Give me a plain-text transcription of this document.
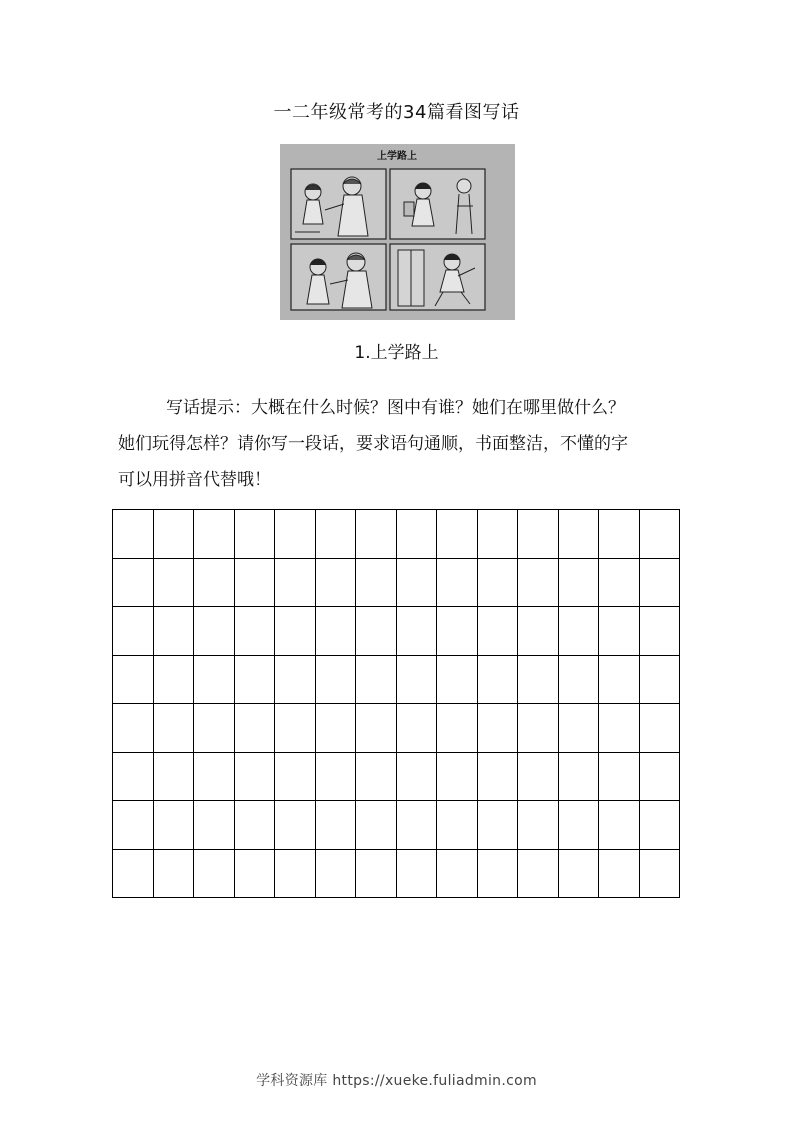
一二年级常考的34篇看图写话
上学路上
1.上学路上
写话提示：大概在什么时候？图中有谁？她们在哪里做什么？
她们玩得怎样？请你写一段话，要求语句通顺，书面整洁，不懂的字
可以用拼音代替哦！
学科资源库 https://xueke.fuliadmin.com
